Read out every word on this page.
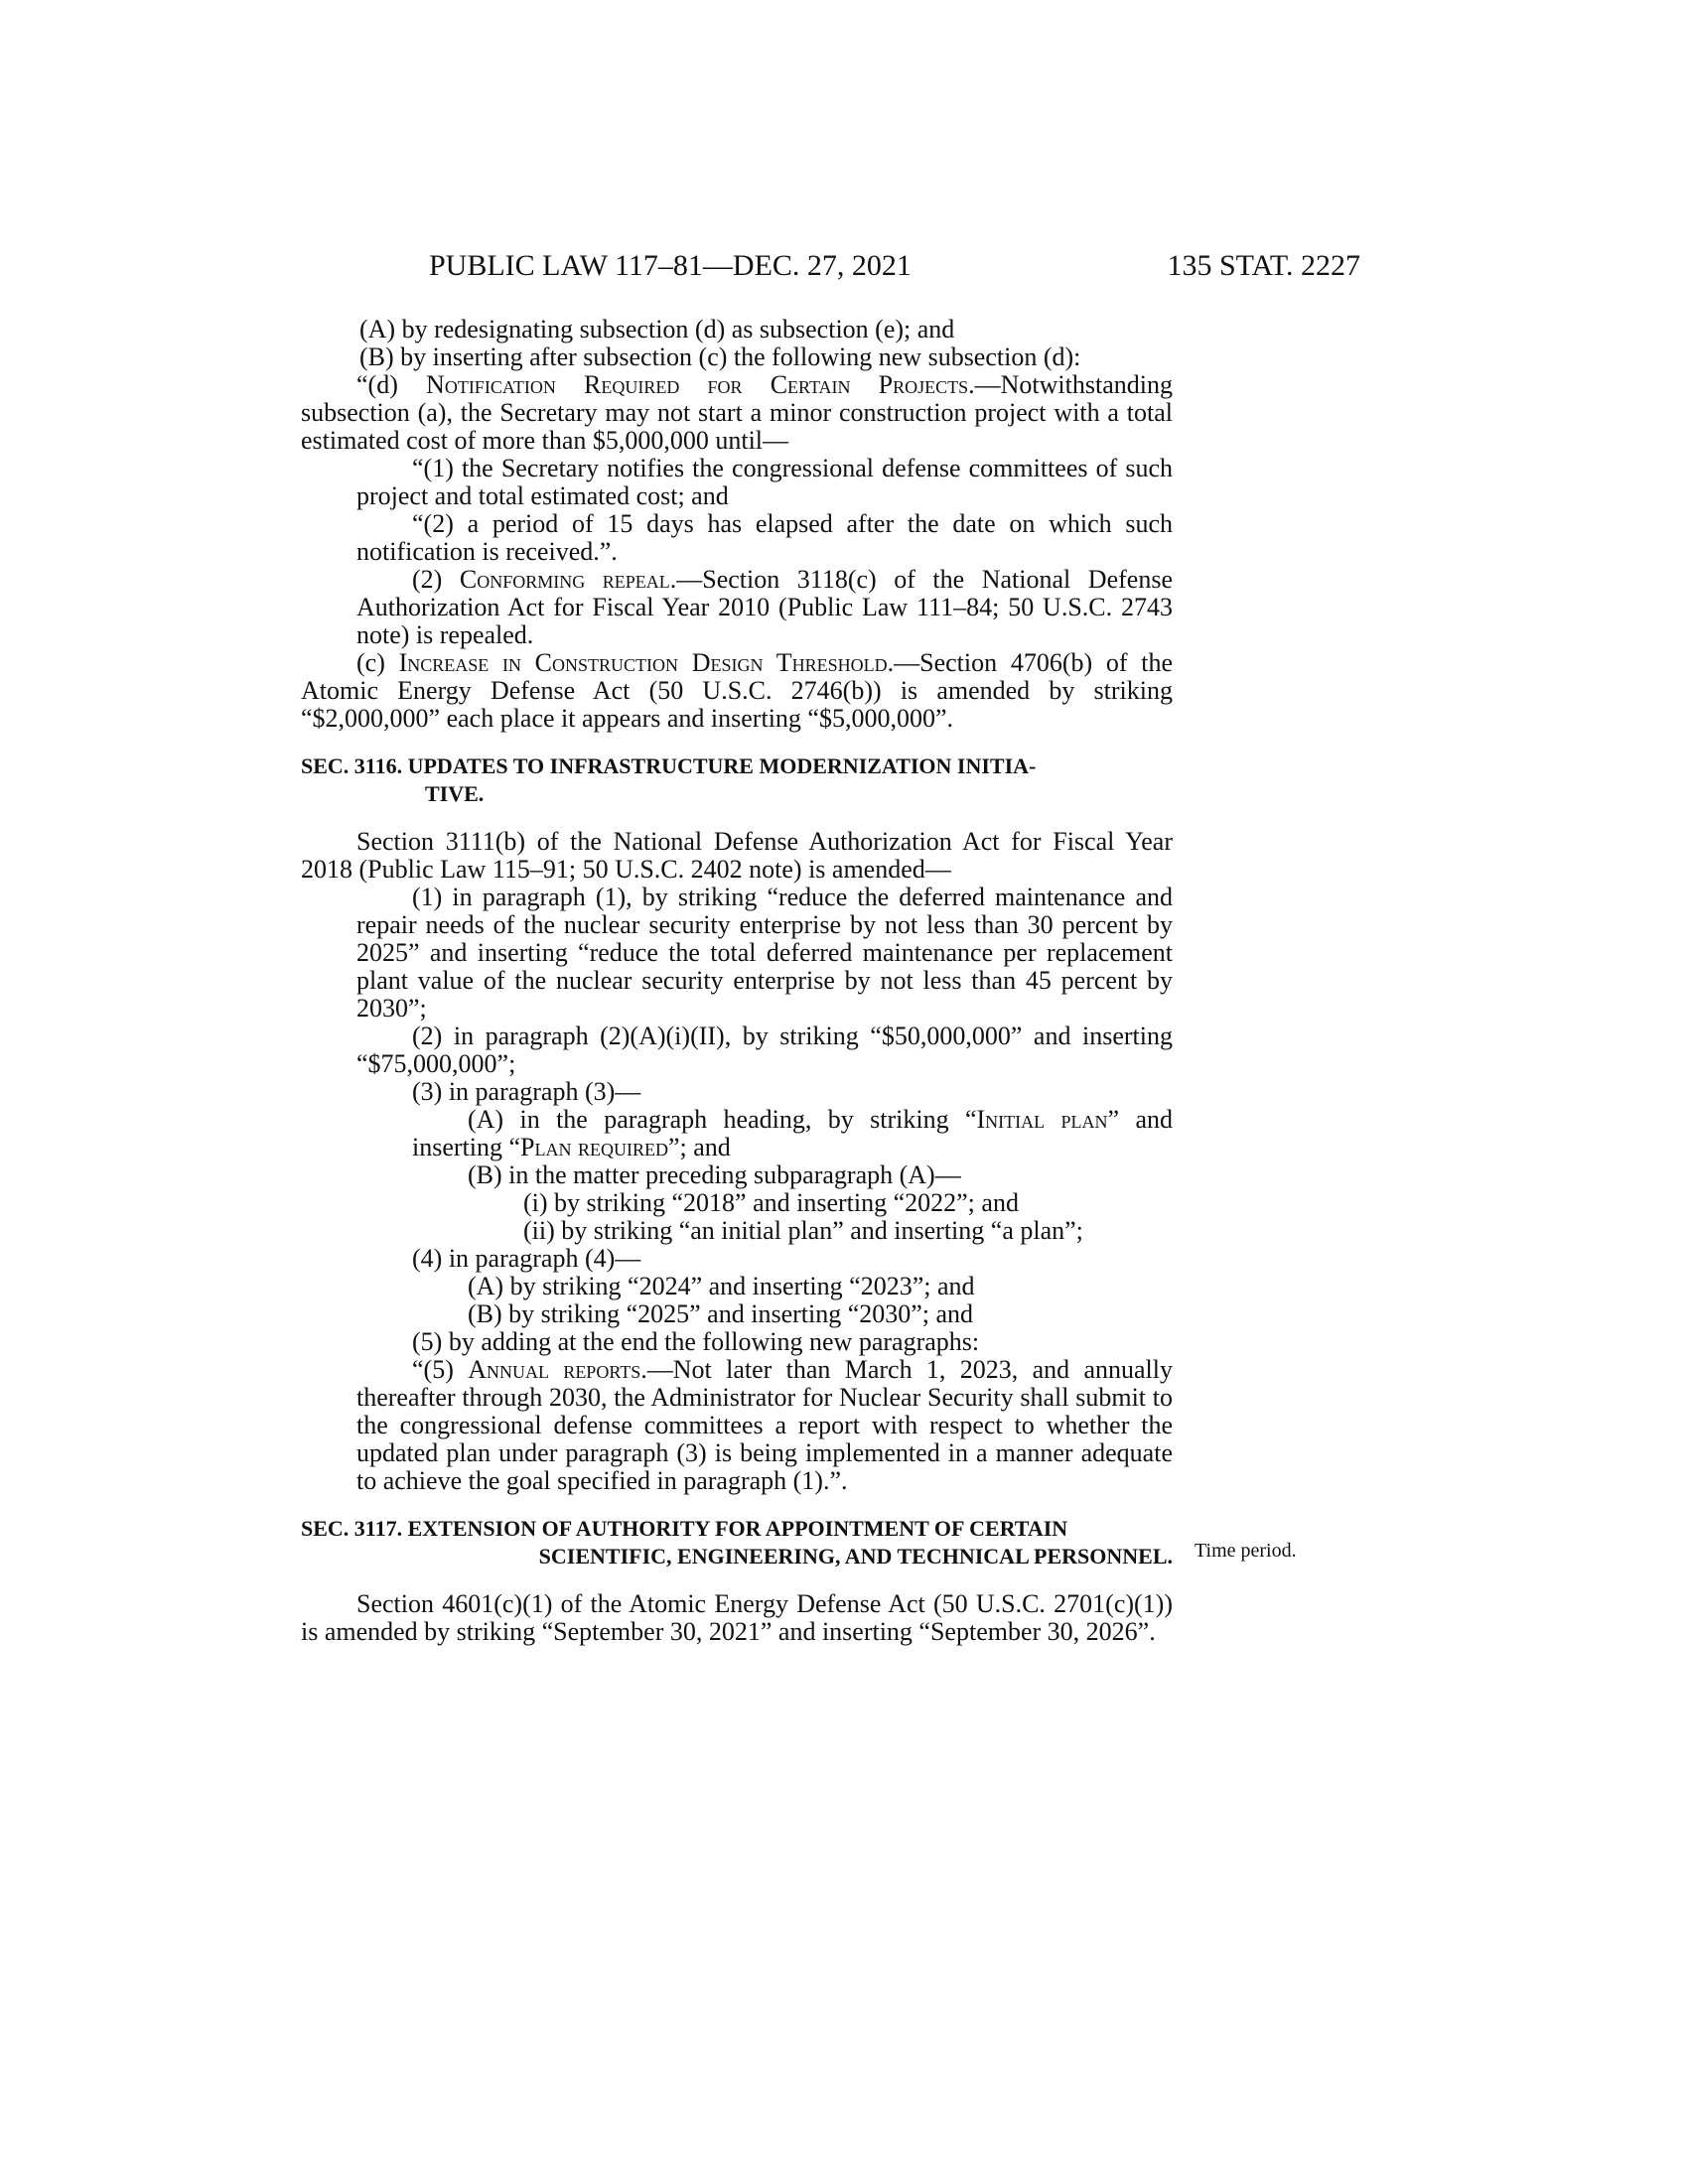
PUBLIC LAW 117–81—DEC. 27, 2021	135 STAT. 2227

(A) by redesignating subsection (d) as subsection (e); and

(B) by inserting after subsection (c) the following new subsection (d):

“(d) Notification Required for Certain Projects.—Notwithstanding subsection (a), the Secretary may not start a minor construction project with a total estimated cost of more than $5,000,000 until—

“(1) the Secretary notifies the congressional defense committees of such project and total estimated cost; and

“(2) a period of 15 days has elapsed after the date on which such notification is received.”.

(2) Conforming repeal.—Section 3118(c) of the National Defense Authorization Act for Fiscal Year 2010 (Public Law 111–84; 50 U.S.C. 2743 note) is repealed.

(c) Increase in Construction Design Threshold.—Section 4706(b) of the Atomic Energy Defense Act (50 U.S.C. 2746(b)) is amended by striking “$2,000,000” each place it appears and inserting “$5,000,000”.

SEC. 3116. UPDATES TO INFRASTRUCTURE MODERNIZATION INITIA-
TIVE.

Section 3111(b) of the National Defense Authorization Act for Fiscal Year 2018 (Public Law 115–91; 50 U.S.C. 2402 note) is amended—

(1) in paragraph (1), by striking “reduce the deferred maintenance and repair needs of the nuclear security enterprise by not less than 30 percent by 2025” and inserting “reduce the total deferred maintenance per replacement plant value of the nuclear security enterprise by not less than 45 percent by 2030”;

(2) in paragraph (2)(A)(i)(II), by striking “$50,000,000” and inserting “$75,000,000”;

(3) in paragraph (3)—

(A) in the paragraph heading, by striking “Initial plan” and inserting “Plan required”; and

(B) in the matter preceding subparagraph (A)—

(i) by striking “2018” and inserting “2022”; and

(ii) by striking “an initial plan” and inserting “a plan”;

(4) in paragraph (4)—

(A) by striking “2024” and inserting “2023”; and

(B) by striking “2025” and inserting “2030”; and

(5) by adding at the end the following new paragraphs:

“(5) Annual reports.—Not later than March 1, 2023, and annually thereafter through 2030, the Administrator for Nuclear Security shall submit to the congressional defense committees a report with respect to whether the updated plan under paragraph (3) is being implemented in a manner adequate to achieve the goal specified in paragraph (1).”.

SEC. 3117. EXTENSION OF AUTHORITY FOR APPOINTMENT OF CERTAIN
SCIENTIFIC, ENGINEERING, AND TECHNICAL PERSONNEL.

Section 4601(c)(1) of the Atomic Energy Defense Act (50 U.S.C. 2701(c)(1)) is amended by striking “September 30, 2021” and inserting “September 30, 2026”.

Time period.
